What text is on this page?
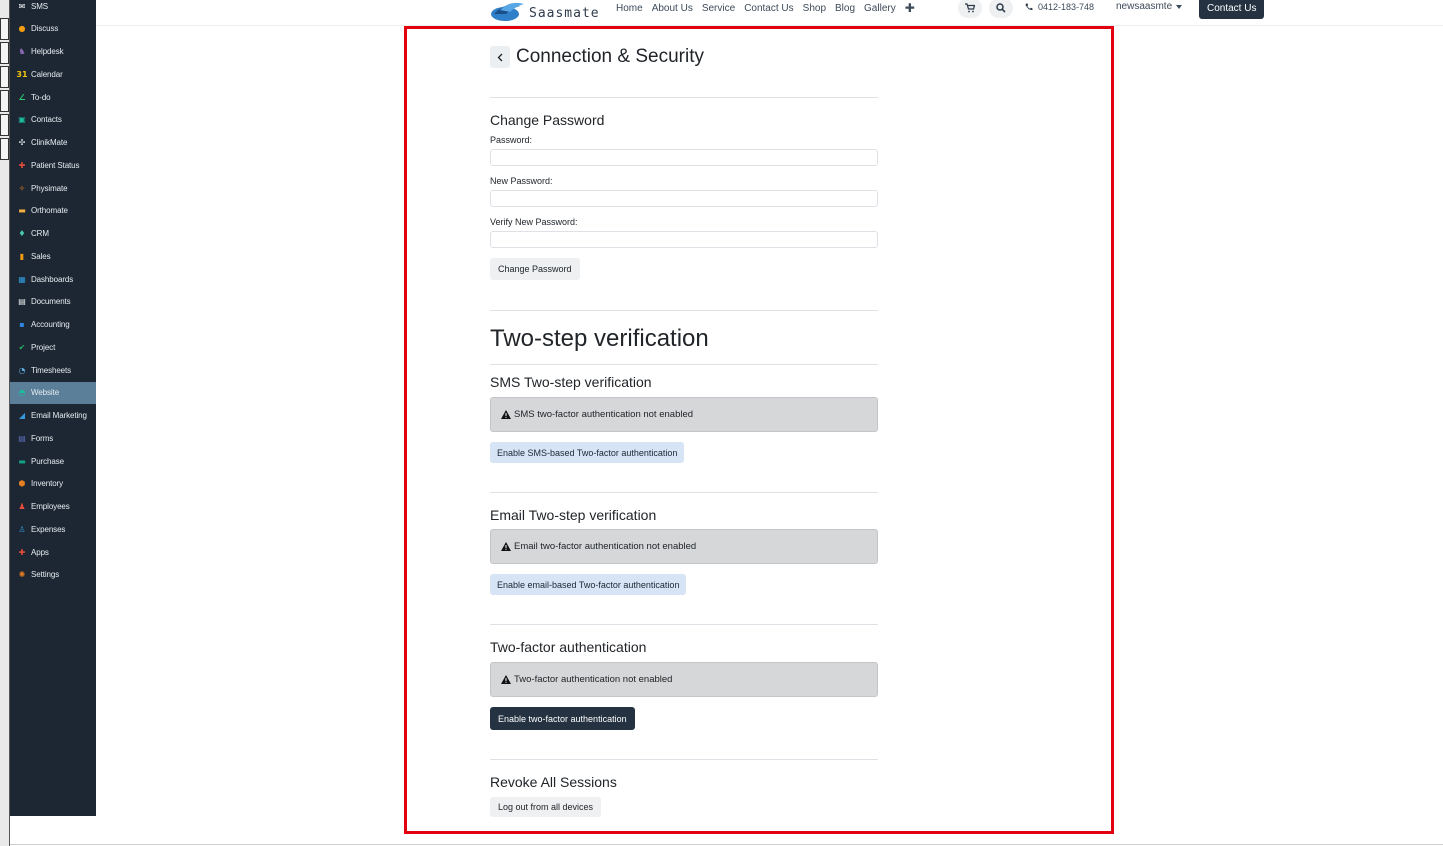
✉ SMS
● Discuss
♞ Helpdesk
31 Calendar
∠ To-do
▣ Contacts
✣ ClinikMate
✚ Patient Status
✧ Physimate
▬ Orthomate
♦ CRM
▮ Sales
▦ Dashboards
▤ Documents
▪ Accounting
✔ Project
◔ Timesheets
◓ Website
◢ Email Marketing
▤ Forms
▬ Purchase
⬢ Inventory
♟ Employees
♙ Expenses
✚ Apps
✺ Settings
Saasmate Home About Us Service Contact Us Shop Blog Gallery ✚	0412-183-748 newsaasmte	Contact Us
Connection & Security
Change Password
Password:
New Password:
Verify New Password:
Change Password
Two-step verification
SMS Two-step verification
SMS two-factor authentication not enabled
Enable SMS-based Two-factor authentication
Email Two-step verification
Email two-factor authentication not enabled
Enable email-based Two-factor authentication
Two-factor authentication
Two-factor authentication not enabled
Enable two-factor authentication
Revoke All Sessions
Log out from all devices
